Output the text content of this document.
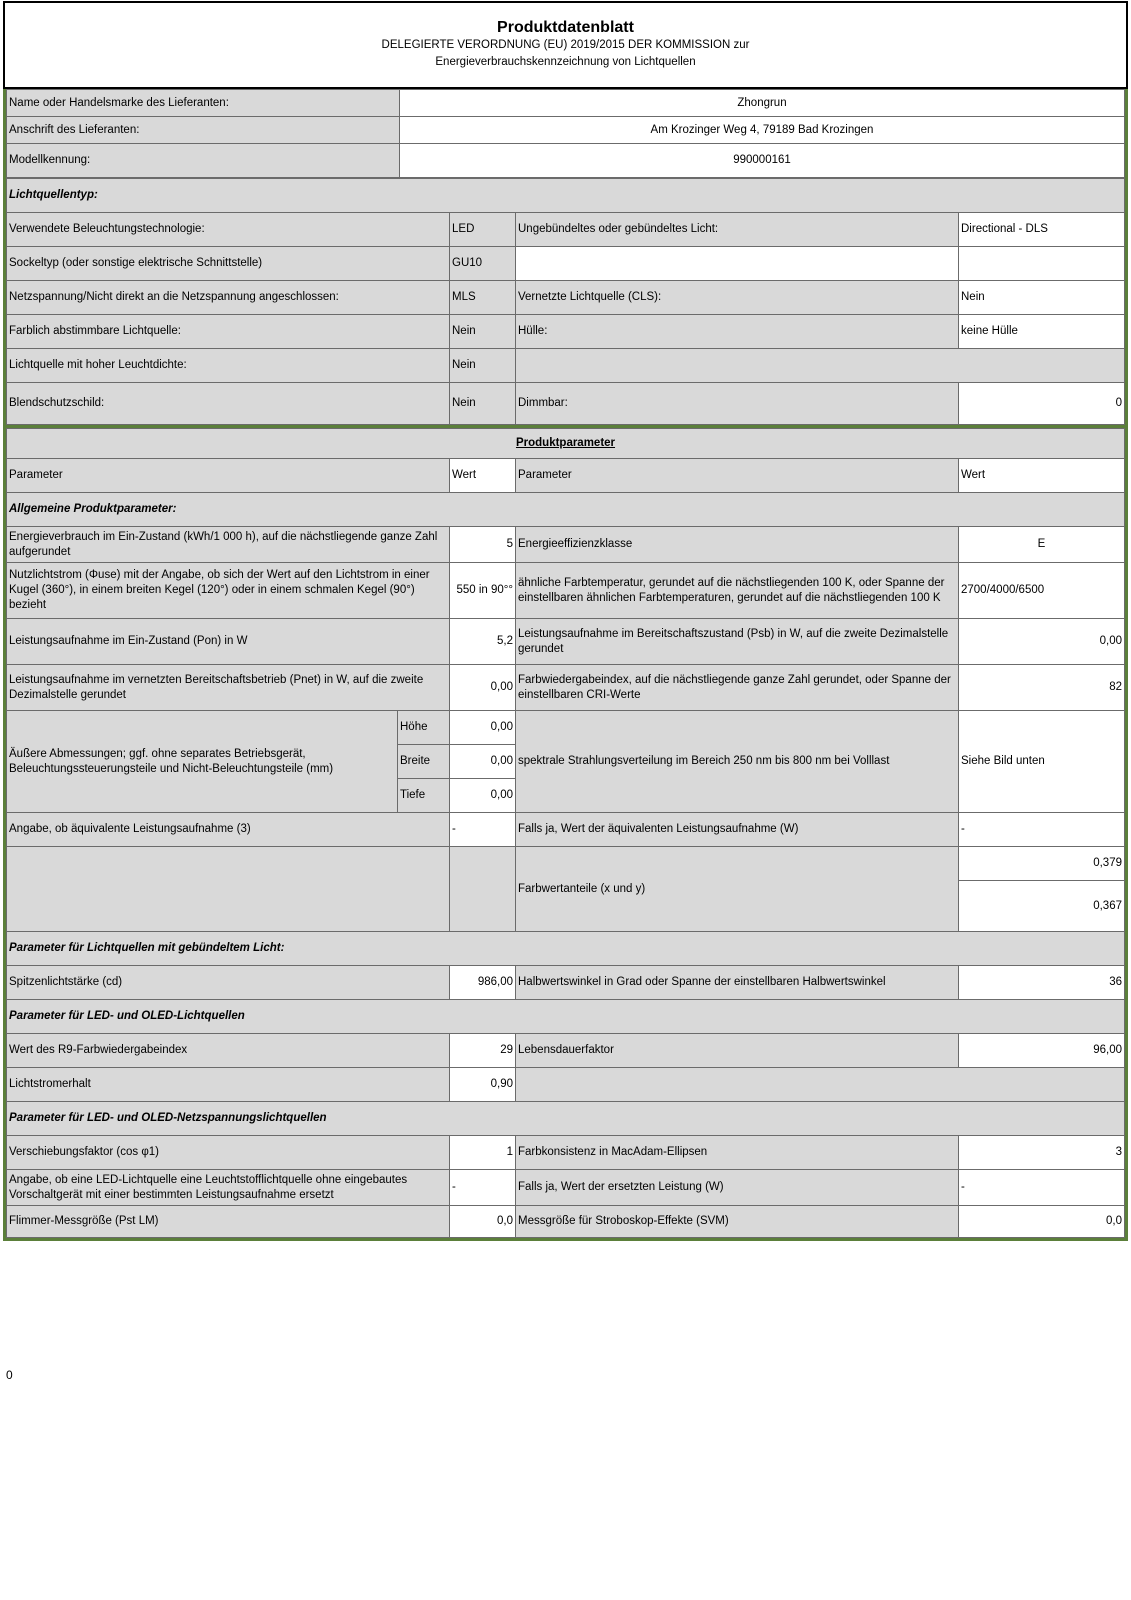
Produktdatenblatt
DELEGIERTE VERORDNUNG (EU) 2019/2015 DER KOMMISSION zur
Energieverbrauchskennzeichnung von Lichtquellen
Name oder Handelsmarke des Lieferanten:	Zhongrun
Anschrift des Lieferanten:	Am Krozinger Weg 4, 79189 Bad Krozingen
Modellkennung:	990000161
Lichtquellentyp:			
Verwendete Beleuchtungstechnologie:	LED	Ungebündeltes oder gebündeltes Licht:	Directional - DLS
Sockeltyp (oder sonstige elektrische Schnittstelle)	GU10		
Netzspannung/Nicht direkt an die Netzspannung angeschlossen:	MLS	Vernetzte Lichtquelle (CLS):	Nein
Farblich abstimmbare Lichtquelle:	Nein	Hülle:	keine Hülle
Lichtquelle mit hoher Leuchtdichte:	Nein		
Blendschutzschild:	Nein	Dimmbar:	0
Produktparameter				
Parameter		Wert	Parameter	Wert
Allgemeine Produktparameter:				
Energieverbrauch im Ein-Zustand (kWh/1 000 h), auf die nächstliegende ganze Zahl aufgerundet		5	Energieeffizienzklasse	E
Nutzlichtstrom (Φuse) mit der Angabe, ob sich der Wert auf den Lichtstrom in einer Kugel (360°), in einem breiten Kegel (120°) oder in einem schmalen Kegel (90°) bezieht		550 in 90°°	ähnliche Farbtemperatur, gerundet auf die nächstliegenden 100 K, oder Spanne der einstellbaren ähnlichen Farbtemperaturen, gerundet auf die nächstliegenden 100 K	2700/4000/6500
Leistungsaufnahme im Ein-Zustand (Pon) in W		5,2	Leistungsaufnahme im Bereitschaftszustand (Psb) in W, auf die zweite Dezimalstelle gerundet	0,00
Leistungsaufnahme im vernetzten Bereitschaftsbetrieb (Pnet) in W, auf die zweite Dezimalstelle gerundet		0,00	Farbwiedergabeindex, auf die nächstliegende ganze Zahl gerundet, oder Spanne der einstellbaren CRI-Werte	82
Äußere Abmessungen; ggf. ohne separates Betriebsgerät, Beleuchtungssteuerungsteile und Nicht-Beleuchtungsteile (mm)	Höhe	0,00	spektrale Strahlungsverteilung im Bereich 250 nm bis 800 nm bei Volllast	Siehe Bild unten
	Breite	0,00		
	Tiefe	0,00		
Angabe, ob äquivalente Leistungsaufnahme (3)		-	Falls ja, Wert der äquivalenten Leistungsaufnahme (W)	-
			Farbwertanteile (x und y)	0,379
				0,367
Parameter für Lichtquellen mit gebündeltem Licht:				
Spitzenlichtstärke (cd)		986,00	Halbwertswinkel in Grad oder Spanne der einstellbaren Halbwertswinkel	36
Parameter für LED- und OLED-Lichtquellen				
Wert des R9-Farbwiedergabeindex		29	Lebensdauerfaktor	96,00
Lichtstromerhalt		0,90		
Parameter für LED- und OLED-Netzspannungslichtquellen				
Verschiebungsfaktor (cos φ1)		1	Farbkonsistenz in MacAdam-Ellipsen	3
Angabe, ob eine LED-Lichtquelle eine Leuchtstofflichtquelle ohne eingebautes Vorschaltgerät mit einer bestimmten Leistungsaufnahme ersetzt		-	Falls ja, Wert der ersetzten Leistung (W)	-
Flimmer-Messgröße (Pst LM)		0,0	Messgröße für Stroboskop-Effekte (SVM)	0,0
0
